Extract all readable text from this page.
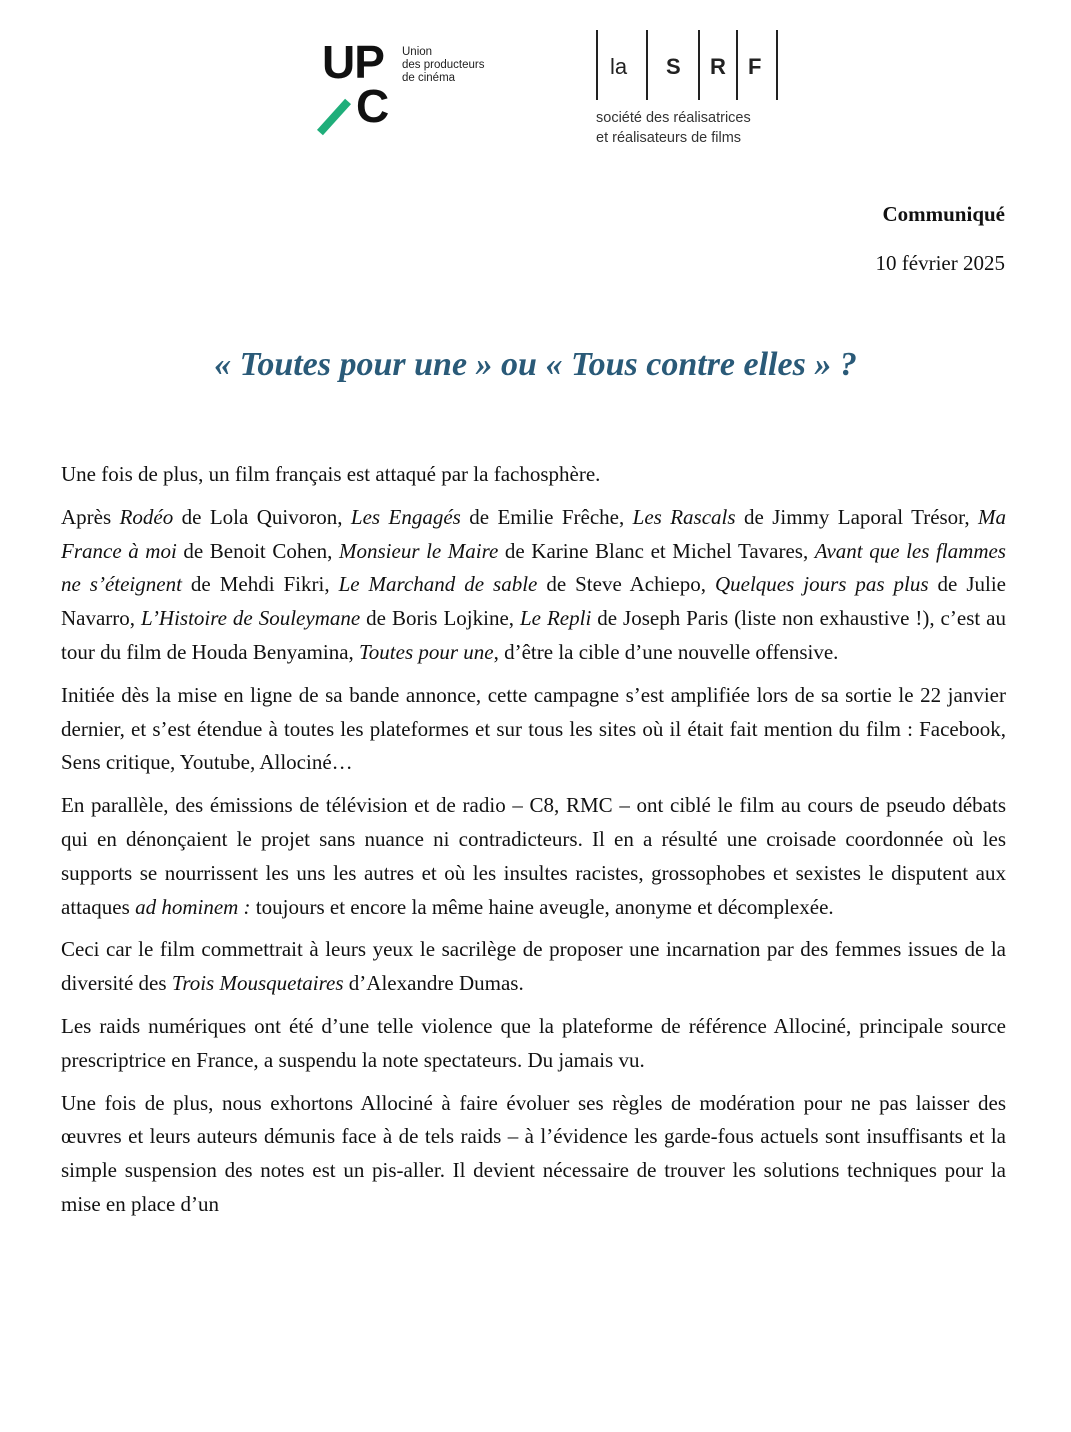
UP
C
Union
des producteurs
de cinéma	la S R F
société des réalisatrices
et réalisateurs de films
Communiqué
10 février 2025
« Toutes pour une » ou « Tous contre elles » ?

Une fois de plus, un film français est attaqué par la fachosphère.

Après Rodéo de Lola Quivoron, Les Engagés de Emilie Frêche, Les Rascals de Jimmy Laporal Trésor, Ma France à moi de Benoit Cohen, Monsieur le Maire de Karine Blanc et Michel Tavares, Avant que les flammes ne s’éteignent de Mehdi Fikri, Le Marchand de sable de Steve Achiepo, Quelques jours pas plus de Julie Navarro, L’Histoire de Souleymane de Boris Lojkine, Le Repli de Joseph Paris (liste non exhaustive !), c’est au tour du film de Houda Benyamina, Toutes pour une, d’être la cible d’une nouvelle offensive.

Initiée dès la mise en ligne de sa bande annonce, cette campagne s’est amplifiée lors de sa sortie le 22 janvier dernier, et s’est étendue à toutes les plateformes et sur tous les sites où il était fait mention du film : Facebook, Sens critique, Youtube, Allociné…

En parallèle, des émissions de télévision et de radio – C8, RMC – ont ciblé le film au cours de pseudo débats qui en dénonçaient le projet sans nuance ni contradicteurs. Il en a résulté une croisade coordonnée où les supports se nourrissent les uns les autres et où les insultes racistes, grossophobes et sexistes le disputent aux attaques ad hominem : toujours et encore la même haine aveugle, anonyme et décomplexée.

Ceci car le film commettrait à leurs yeux le sacrilège de proposer une incarnation par des femmes issues de la diversité des Trois Mousquetaires d’Alexandre Dumas.

Les raids numériques ont été d’une telle violence que la plateforme de référence Allociné, principale source prescriptrice en France, a suspendu la note spectateurs. Du jamais vu.

Une fois de plus, nous exhortons Allociné à faire évoluer ses règles de modération pour ne pas laisser des œuvres et leurs auteurs démunis face à de tels raids – à l’évidence les garde-fous actuels sont insuffisants et la simple suspension des notes est un pis-aller. Il devient nécessaire de trouver les solutions techniques pour la mise en place d’un
